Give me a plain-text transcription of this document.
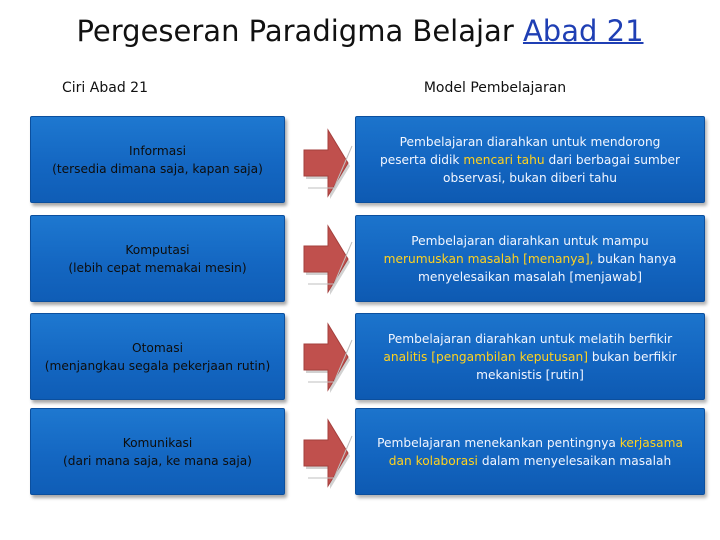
Pergeseran Paradigma Belajar Abad 21
Ciri Abad 21	Model Pembelajaran
Informasi
(tersedia dimana saja, kapan saja)
Pembelajaran diarahkan untuk mendorong
peserta didik mencari tahu dari berbagai sumber
observasi, bukan diberi tahu
Komputasi
(lebih cepat memakai mesin)
Pembelajaran diarahkan untuk mampu
merumuskan masalah [menanya], bukan hanya
menyelesaikan masalah [menjawab]
Otomasi
(menjangkau segala pekerjaan rutin)
Pembelajaran diarahkan untuk melatih berfikir
analitis [pengambilan keputusan] bukan berfikir
mekanistis [rutin]
Komunikasi
(dari mana saja, ke mana saja)
Pembelajaran menekankan pentingnya kerjasama
dan kolaborasi dalam menyelesaikan masalah
